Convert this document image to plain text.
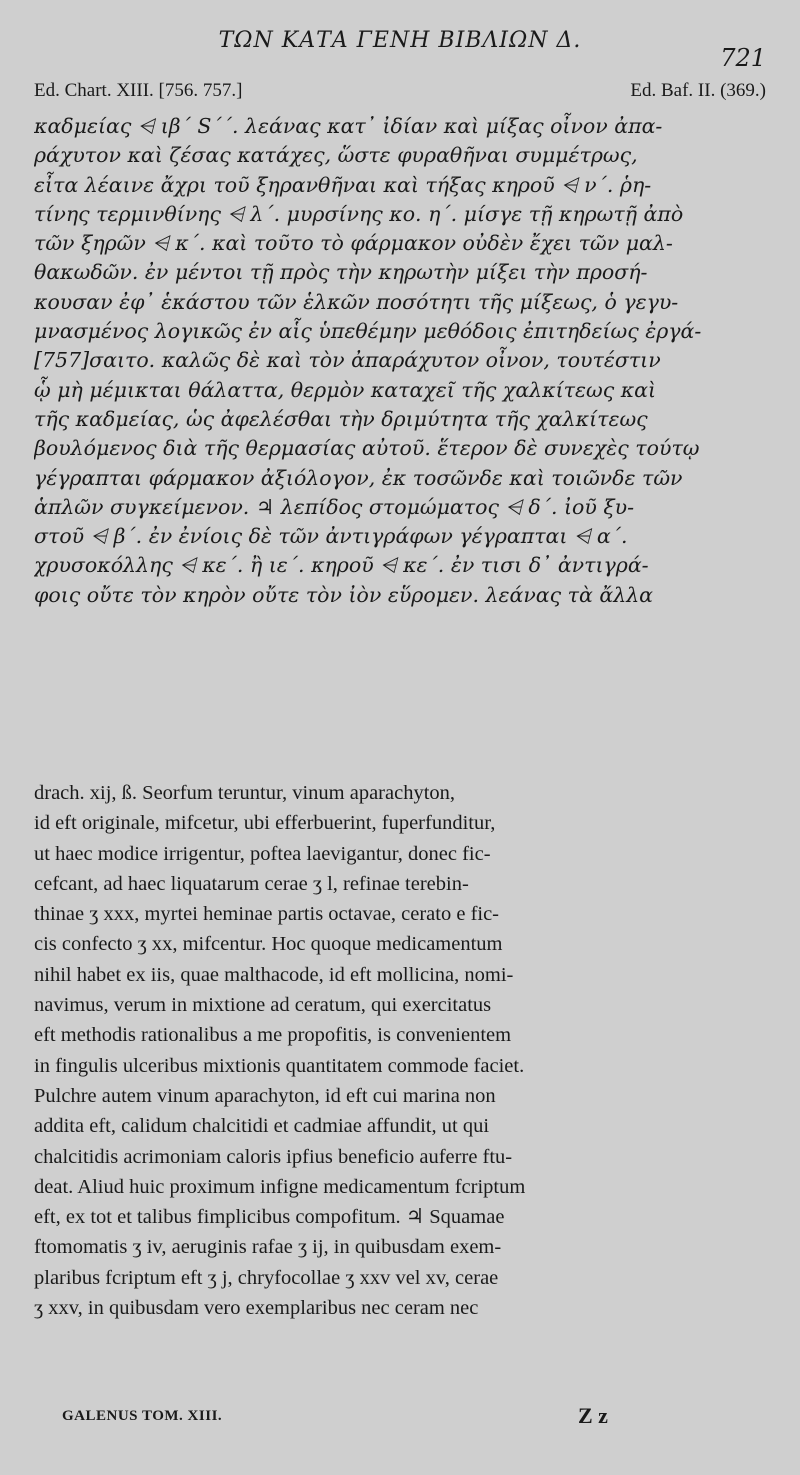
ΤΩΝ ΚΑΤΑ ΓΕΝΗ ΒΙΒΛΙΩΝ Δ.
721
Ed. Chart. XIII. [756. 757.]	Ed. Baf. II. (369.)
καδμείας ⩤ ιβ΄ S΄΄. λεάνας κατ᾽ ἰδίαν καὶ μίξας οἶνον ἀπα-
ράχυτον καὶ ζέσας κατάχες, ὥστε φυραθῆναι συμμέτρως,
εἶτα λέαινε ἄχρι τοῦ ξηρανθῆναι καὶ τήξας κηροῦ ⩤ ν΄. ῥη-
τίνης τερμινθίνης ⩤ λ΄. μυρσίνης κο. η΄. μίσγε τῇ κηρωτῇ ἀπὸ
τῶν ξηρῶν ⩤ κ΄. καὶ τοῦτο τὸ φάρμακον οὐδὲν ἔχει τῶν μαλ-
θακωδῶν. ἐν μέντοι τῇ πρὸς τὴν κηρωτὴν μίξει τὴν προσή-
κουσαν ἐφ᾽ ἑκάστου τῶν ἑλκῶν ποσότητι τῆς μίξεως, ὁ γεγυ-
μνασμένος λογικῶς ἐν αἷς ὑπεθέμην μεθόδοις ἐπιτηδείως ἐργά-
[757]σαιτο. καλῶς δὲ καὶ τὸν ἀπαράχυτον οἶνον, τουτέστιν
ᾧ μὴ μέμικται θάλαττα, θερμὸν καταχεῖ τῆς χαλκίτεως καὶ
τῆς καδμείας, ὡς ἀφελέσθαι τὴν δριμύτητα τῆς χαλκίτεως
βουλόμενος διὰ τῆς θερμασίας αὐτοῦ. ἕτερον δὲ συνεχὲς τούτῳ
γέγραπται φάρμακον ἀξιόλογον, ἐκ τοσῶνδε καὶ τοιῶνδε τῶν
ἁπλῶν συγκείμενον. ♃ λεπίδος στομώματος ⩤ δ΄. ἰοῦ ξυ-
στοῦ ⩤ β΄. ἐν ἐνίοις δὲ τῶν ἀντιγράφων γέγραπται ⩤ α΄.
χρυσοκόλλης ⩤ κε΄. ἢ ιε΄. κηροῦ ⩤ κε΄. ἐν τισι δ᾽ ἀντιγρά-
φοις οὔτε τὸν κηρὸν οὔτε τὸν ἰὸν εὕρομεν. λεάνας τὰ ἄλλα
drach. xij, ß. Seorfum teruntur, vinum aparachyton,
id eft originale, mifcetur, ubi efferbuerint, fuperfunditur,
ut haec modice irrigentur, poftea laevigantur, donec fic-
cefcant, ad haec liquatarum cerae ʒ l, refinae terebin-
thinae ʒ xxx, myrtei heminae partis octavae, cerato e fic-
cis confecto ʒ xx, mifcentur. Hoc quoque medicamentum
nihil habet ex iis, quae malthacode, id eft mollicina, nomi-
navimus, verum in mixtione ad ceratum, qui exercitatus
eft methodis rationalibus a me propofitis, is convenientem
in fingulis ulceribus mixtionis quantitatem commode faciet.
Pulchre autem vinum aparachyton, id eft cui marina non
addita eft, calidum chalcitidi et cadmiae affundit, ut qui
chalcitidis acrimoniam caloris ipfius beneficio auferre ftu-
deat. Aliud huic proximum infigne medicamentum fcriptum
eft, ex tot et talibus fimplicibus compofitum. ♃ Squamae
ftomomatis ʒ iv, aeruginis rafae ʒ ij, in quibusdam exem-
plaribus fcriptum eft ʒ j, chryfocollae ʒ xxv vel xv, cerae
ʒ xxv, in quibusdam vero exemplaribus nec ceram nec
GALENUS TOM. XIII.	Z z
